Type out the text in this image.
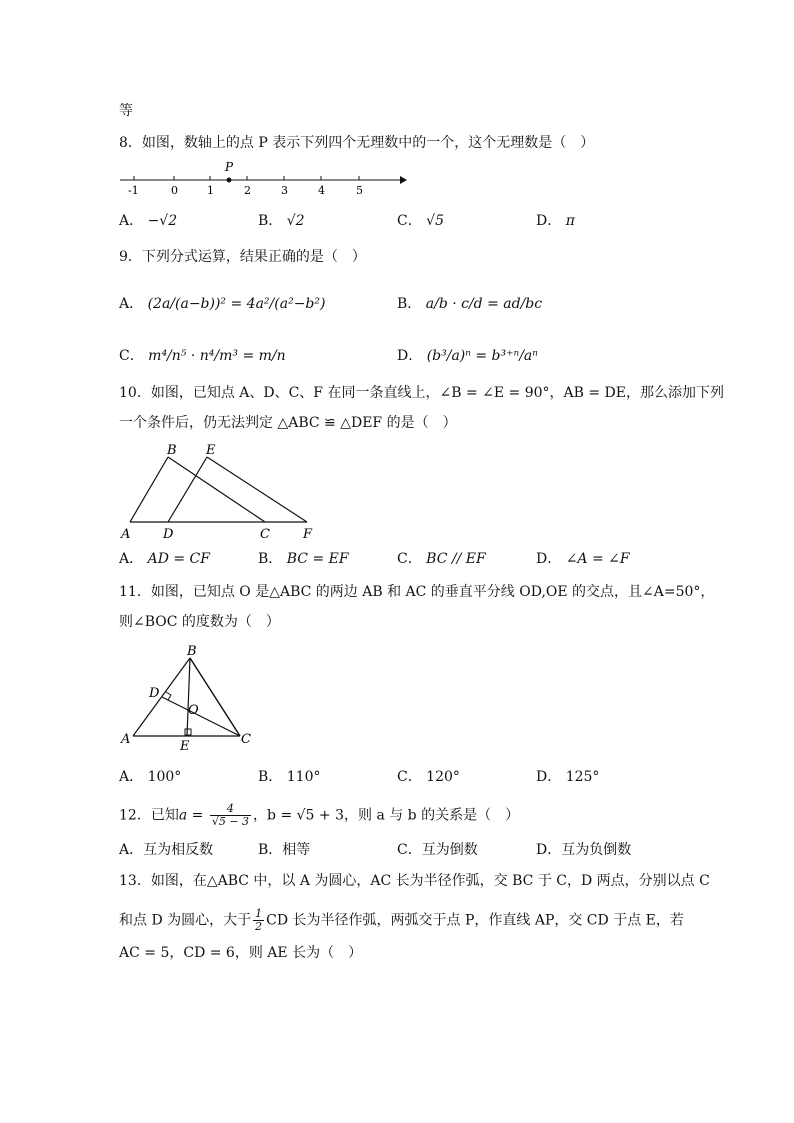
等
8．如图，数轴上的点 P 表示下列四个无理数中的一个，这个无理数是（　）
P
-1	0	1	2	3	4	5
A． −√2	B． √2	C． √5	D． π
9．下列分式运算，结果正确的是（　）
A． (2a/(a−b))² = 4a²/(a²−b²)	B． a/b · c/d = ad/bc
C． m⁴/n⁵ · n⁴/m³ = m/n	D． (b³/a)ⁿ = b³⁺ⁿ/aⁿ
10．如图，已知点 A、D、C、F 在同一条直线上，∠B = ∠E = 90°，AB = DE，那么添加下列
一个条件后，仍无法判定 △ABC ≌ △DEF 的是（　）
A
B
C
D
E
F
A． AD = CF	B． BC = EF	C． BC // EF	D． ∠A = ∠F
11．如图，已知点 O 是△ABC 的两边 AB 和 AC 的垂直平分线 OD,OE 的交点，且∠A=50°，
则∠BOC 的度数为（　）
A
B
C
D
E
O
A． 100°	B． 110°	C． 120°	D． 125°
12．已知$a = \frac{4}{√5 - 3}$ ，b = √5 + 3，则 a 与 b 的关系是（　）
A．互为相反数	B．相等	C．互为倒数	D．互为负倒数
13．如图，在△ABC 中，以 A 为圆心，AC 长为半径作弧，交 BC 于 C，D 两点，分别以点 C
和点 D 为圆心，大于 $\frac{1}{2}$ CD 长为半径作弧，两弧交于点 P，作直线 AP，交 CD 于点 E，若
AC = 5，CD = 6，则 AE 长为（　）
